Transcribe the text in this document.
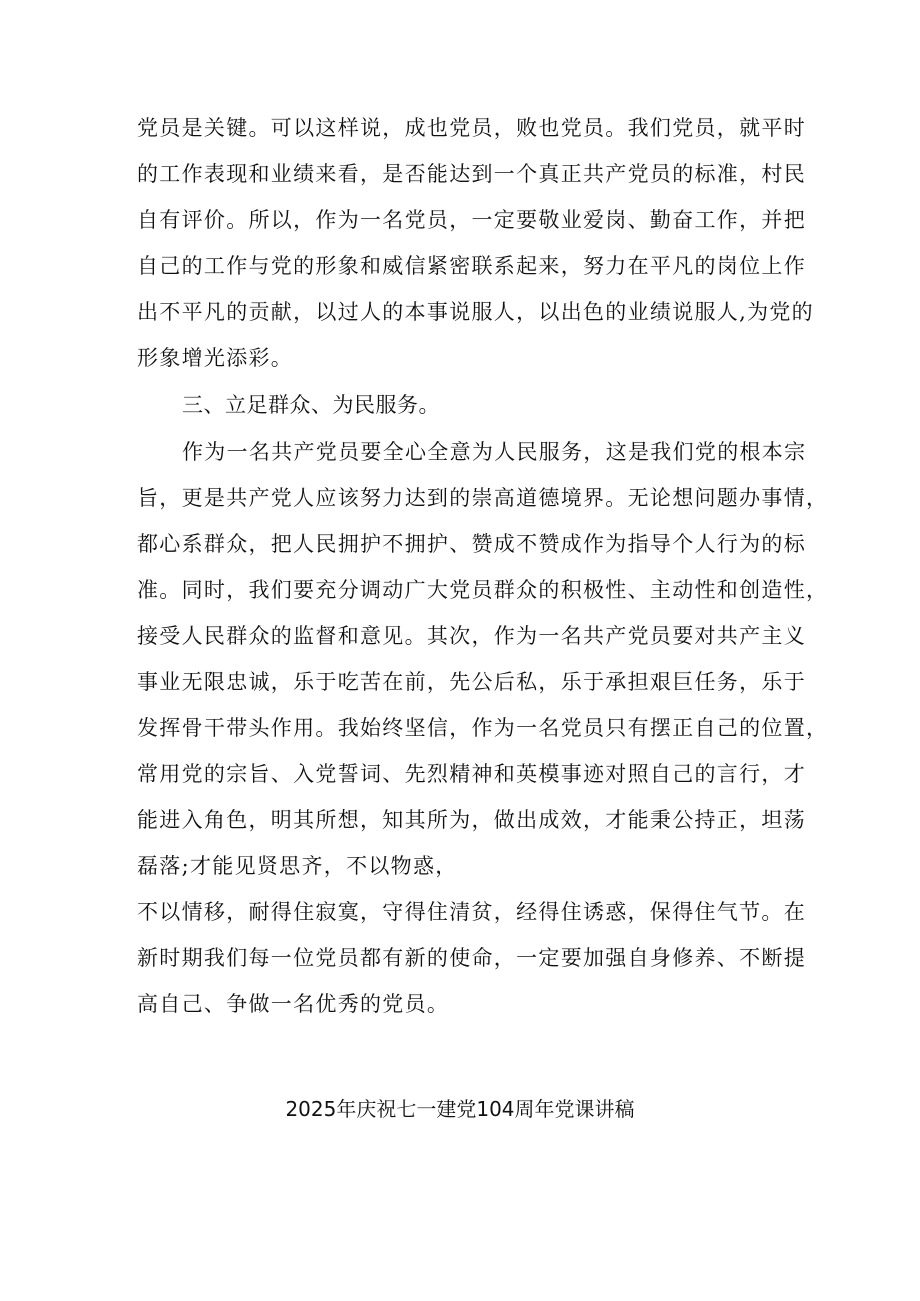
党员是关键。可以这样说，成也党员，败也党员。我们党员，就平时
的工作表现和业绩来看，是否能达到一个真正共产党员的标准，村民
自有评价。所以，作为一名党员，一定要敬业爱岗、勤奋工作，并把
自己的工作与党的形象和威信紧密联系起来，努力在平凡的岗位上作
出不平凡的贡献，以过人的本事说服人，以出色的业绩说服人,为党的
形象增光添彩。
三、立足群众、为民服务。
作为一名共产党员要全心全意为人民服务，这是我们党的根本宗
旨，更是共产党人应该努力达到的崇高道德境界。无论想问题办事情，
都心系群众，把人民拥护不拥护、赞成不赞成作为指导个人行为的标
准。同时，我们要充分调动广大党员群众的积极性、主动性和创造性，
接受人民群众的监督和意见。其次，作为一名共产党员要对共产主义
事业无限忠诚，乐于吃苦在前，先公后私，乐于承担艰巨任务，乐于
发挥骨干带头作用。我始终坚信，作为一名党员只有摆正自己的位置，
常用党的宗旨、入党誓词、先烈精神和英模事迹对照自己的言行，才
能进入角色，明其所想，知其所为，做出成效，才能秉公持正，坦荡
磊落;才能见贤思齐，不以物惑，
不以情移，耐得住寂寞，守得住清贫，经得住诱惑，保得住气节。在
新时期我们每一位党员都有新的使命，一定要加强自身修养、不断提
高自己、争做一名优秀的党员。
2025年庆祝七一建党104周年党课讲稿
